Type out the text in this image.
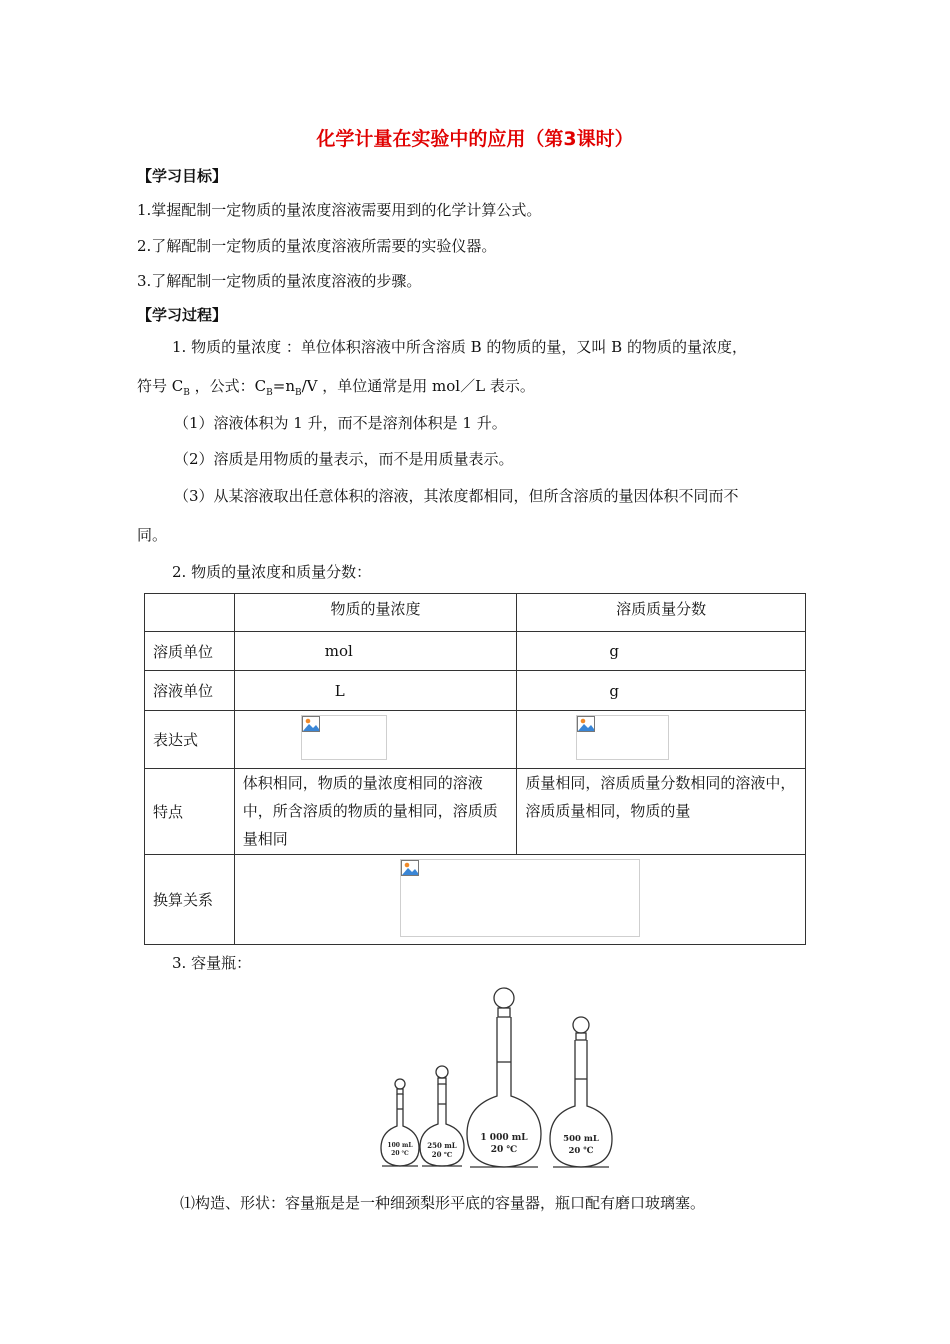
化学计量在实验中的应用（第3课时）
【学习目标】
1.掌握配制一定物质的量浓度溶液需要用到的化学计算公式。
2.了解配制一定物质的量浓度溶液所需要的实验仪器。
3.了解配制一定物质的量浓度溶液的步骤。
【学习过程】
1. 物质的量浓度 ：单位体积溶液中所含溶质 B 的物质的量，又叫 B 的物质的量浓度，
符号 $C_B$ ，公式：$C_B=n_B/V$ ，单位通常是用 mol／L 表示。
（1）溶液体积为 1 升，而不是溶剂体积是 1 升。
（2）溶质是用物质的量表示，而不是用质量表示。
（3）从某溶液取出任意体积的溶液，其浓度都相同，但所含溶质的量因体积不同而不
同。
2. 物质的量浓度和质量分数：
	物质的量浓度	溶质质量分数
溶质单位	mol	g
溶液单位	L	g
表达式	

特点	体积相同，物质的量浓度相同的溶液中，所含溶质的物质的量相同，溶质质量相同	质量相同，溶质质量分数相同的溶液中，溶质质量相同，物质的量
换算关系	
3. 容量瓶：
100 mL
20 ℃
250 mL
20 ℃
1 000 mL
20 ℃
500 mL
20 ℃
⑴构造、形状：容量瓶是是一种细颈梨形平底的容量器，瓶口配有磨口玻璃塞。
